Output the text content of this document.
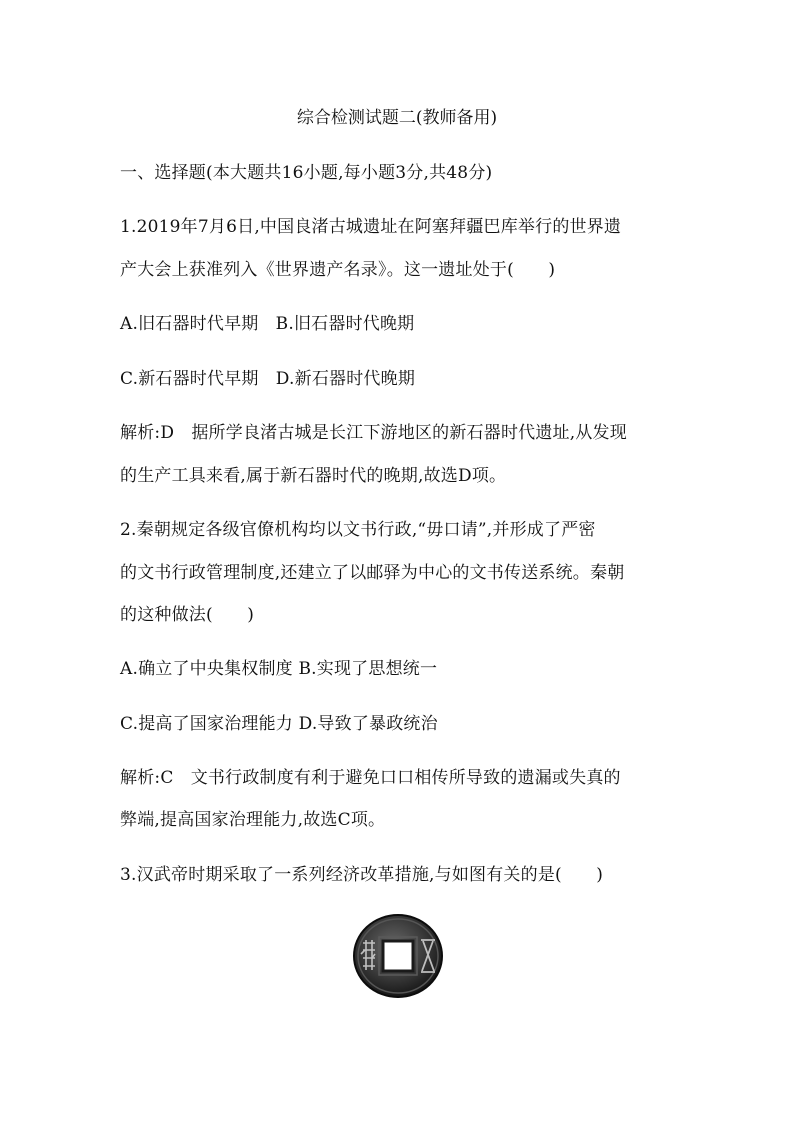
综合检测试题二(教师备用)
一、选择题(本大题共16小题,每小题3分,共48分)
1.2019年7月6日,中国良渚古城遗址在阿塞拜疆巴库举行的世界遗
产大会上获准列入《世界遗产名录》。这一遗址处于(　　)
A.旧石器时代早期　B.旧石器时代晚期
C.新石器时代早期　D.新石器时代晚期
解析:D　据所学良渚古城是长江下游地区的新石器时代遗址,从发现
的生产工具来看,属于新石器时代的晚期,故选D项。
2.秦朝规定各级官僚机构均以文书行政,“毋口请”,并形成了严密
的文书行政管理制度,还建立了以邮驿为中心的文书传送系统。秦朝
的这种做法(　　)
A.确立了中央集权制度 B.实现了思想统一
C.提高了国家治理能力 D.导致了暴政统治
解析:C　文书行政制度有利于避免口口相传所导致的遗漏或失真的
弊端,提高国家治理能力,故选C项。
3.汉武帝时期采取了一系列经济改革措施,与如图有关的是(　　)
